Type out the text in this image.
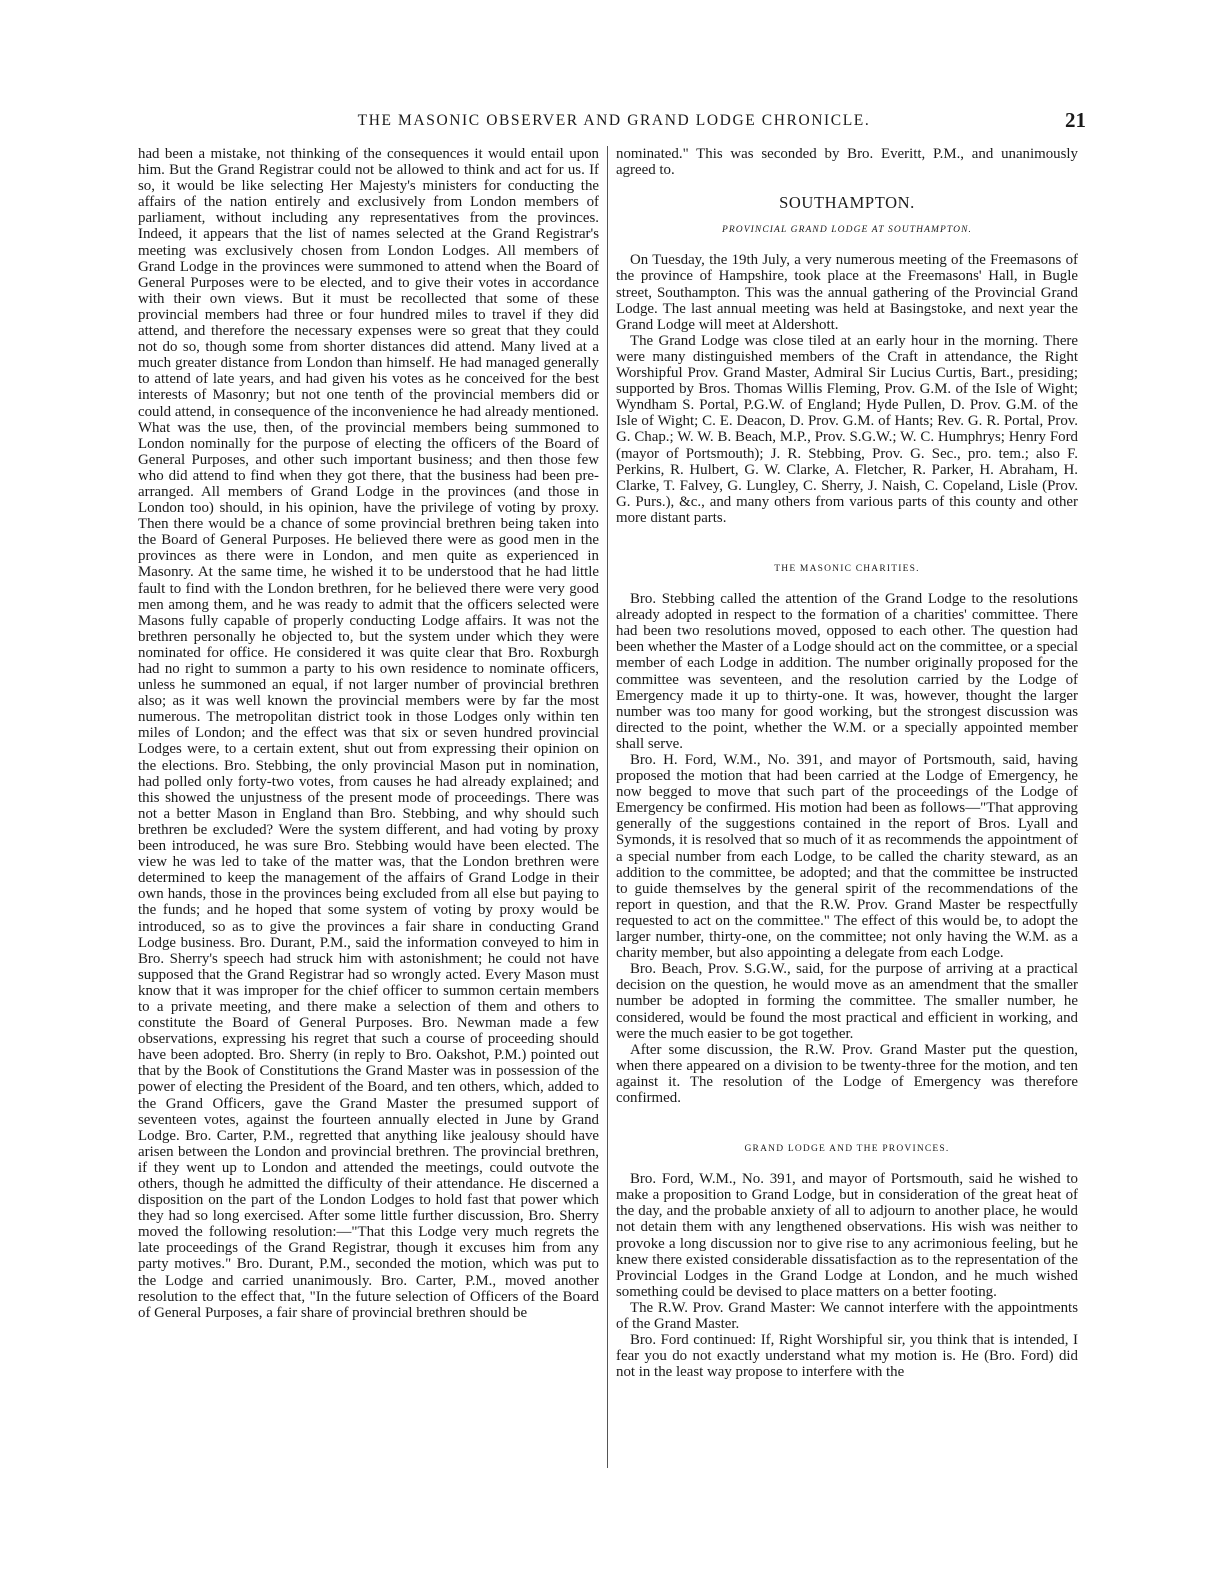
THE MASONIC OBSERVER AND GRAND LODGE CHRONICLE.	21

had been a mistake, not thinking of the consequences it would entail upon him. But the Grand Registrar could not be allowed to think and act for us. If so, it would be like selecting Her Majesty's ministers for conducting the affairs of the nation entirely and exclusively from London members of parliament, without including any representatives from the provinces. Indeed, it appears that the list of names selected at the Grand Registrar's meeting was exclusively chosen from London Lodges. All members of Grand Lodge in the provinces were summoned to attend when the Board of General Purposes were to be elected, and to give their votes in accordance with their own views. But it must be recollected that some of these provincial members had three or four hundred miles to travel if they did attend, and therefore the necessary expenses were so great that they could not do so, though some from shorter distances did attend. Many lived at a much greater distance from London than himself. He had managed generally to attend of late years, and had given his votes as he conceived for the best interests of Masonry; but not one tenth of the provincial members did or could attend, in consequence of the inconvenience he had already mentioned. What was the use, then, of the provincial members being summoned to London nominally for the purpose of electing the officers of the Board of General Purposes, and other such important business; and then those few who did attend to find when they got there, that the business had been pre-arranged. All members of Grand Lodge in the provinces (and those in London too) should, in his opinion, have the privilege of voting by proxy. Then there would be a chance of some provincial brethren being taken into the Board of General Purposes. He believed there were as good men in the provinces as there were in London, and men quite as experienced in Masonry. At the same time, he wished it to be understood that he had little fault to find with the London brethren, for he believed there were very good men among them, and he was ready to admit that the officers selected were Masons fully capable of properly conducting Lodge affairs. It was not the brethren personally he objected to, but the system under which they were nominated for office. He considered it was quite clear that Bro. Roxburgh had no right to summon a party to his own residence to nominate officers, unless he summoned an equal, if not larger number of provincial brethren also; as it was well known the provincial members were by far the most numerous. The metropolitan district took in those Lodges only within ten miles of London; and the effect was that six or seven hundred provincial Lodges were, to a certain extent, shut out from expressing their opinion on the elections. Bro. Stebbing, the only provincial Mason put in nomination, had polled only forty-two votes, from causes he had already explained; and this showed the unjustness of the present mode of proceedings. There was not a better Mason in England than Bro. Stebbing, and why should such brethren be excluded? Were the system different, and had voting by proxy been introduced, he was sure Bro. Stebbing would have been elected. The view he was led to take of the matter was, that the London brethren were determined to keep the management of the affairs of Grand Lodge in their own hands, those in the provinces being excluded from all else but paying to the funds; and he hoped that some system of voting by proxy would be introduced, so as to give the provinces a fair share in conducting Grand Lodge business. Bro. Durant, P.M., said the information conveyed to him in Bro. Sherry's speech had struck him with astonishment; he could not have supposed that the Grand Registrar had so wrongly acted. Every Mason must know that it was improper for the chief officer to summon certain members to a private meeting, and there make a selection of them and others to constitute the Board of General Purposes. Bro. Newman made a few observations, expressing his regret that such a course of proceeding should have been adopted. Bro. Sherry (in reply to Bro. Oakshot, P.M.) pointed out that by the Book of Constitutions the Grand Master was in possession of the power of electing the President of the Board, and ten others, which, added to the Grand Officers, gave the Grand Master the presumed support of seventeen votes, against the fourteen annually elected in June by Grand Lodge. Bro. Carter, P.M., regretted that anything like jealousy should have arisen between the London and provincial brethren. The provincial brethren, if they went up to London and attended the meetings, could outvote the others, though he admitted the difficulty of their attendance. He discerned a disposition on the part of the London Lodges to hold fast that power which they had so long exercised. After some little further discussion, Bro. Sherry moved the following resolution:—"That this Lodge very much regrets the late proceedings of the Grand Registrar, though it excuses him from any party motives." Bro. Durant, P.M., seconded the motion, which was put to the Lodge and carried unanimously. Bro. Carter, P.M., moved another resolution to the effect that, "In the future selection of Officers of the Board of General Purposes, a fair share of provincial brethren should be

nominated." This was seconded by Bro. Everitt, P.M., and unanimously agreed to.

SOUTHAMPTON.
PROVINCIAL GRAND LODGE AT SOUTHAMPTON.

On Tuesday, the 19th July, a very numerous meeting of the Freemasons of the province of Hampshire, took place at the Freemasons' Hall, in Bugle street, Southampton. This was the annual gathering of the Provincial Grand Lodge. The last annual meeting was held at Basingstoke, and next year the Grand Lodge will meet at Aldershott.

The Grand Lodge was close tiled at an early hour in the morning. There were many distinguished members of the Craft in attendance, the Right Worshipful Prov. Grand Master, Admiral Sir Lucius Curtis, Bart., presiding; supported by Bros. Thomas Willis Fleming, Prov. G.M. of the Isle of Wight; Wyndham S. Portal, P.G.W. of England; Hyde Pullen, D. Prov. G.M. of the Isle of Wight; C. E. Deacon, D. Prov. G.M. of Hants; Rev. G. R. Portal, Prov. G. Chap.; W. W. B. Beach, M.P., Prov. S.G.W.; W. C. Humphrys; Henry Ford (mayor of Portsmouth); J. R. Stebbing, Prov. G. Sec., pro. tem.; also F. Perkins, R. Hulbert, G. W. Clarke, A. Fletcher, R. Parker, H. Abraham, H. Clarke, T. Falvey, G. Lungley, C. Sherry, J. Naish, C. Copeland, Lisle (Prov. G. Purs.), &c., and many others from various parts of this county and other more distant parts.

THE MASONIC CHARITIES.

Bro. Stebbing called the attention of the Grand Lodge to the resolutions already adopted in respect to the formation of a charities' committee. There had been two resolutions moved, opposed to each other. The question had been whether the Master of a Lodge should act on the committee, or a special member of each Lodge in addition. The number originally proposed for the committee was seventeen, and the resolution carried by the Lodge of Emergency made it up to thirty-one. It was, however, thought the larger number was too many for good working, but the strongest discussion was directed to the point, whether the W.M. or a specially appointed member shall serve.

Bro. H. Ford, W.M., No. 391, and mayor of Portsmouth, said, having proposed the motion that had been carried at the Lodge of Emergency, he now begged to move that such part of the proceedings of the Lodge of Emergency be confirmed. His motion had been as follows—"That approving generally of the suggestions contained in the report of Bros. Lyall and Symonds, it is resolved that so much of it as recommends the appointment of a special number from each Lodge, to be called the charity steward, as an addition to the committee, be adopted; and that the committee be instructed to guide themselves by the general spirit of the recommendations of the report in question, and that the R.W. Prov. Grand Master be respectfully requested to act on the committee." The effect of this would be, to adopt the larger number, thirty-one, on the committee; not only having the W.M. as a charity member, but also appointing a delegate from each Lodge.

Bro. Beach, Prov. S.G.W., said, for the purpose of arriving at a practical decision on the question, he would move as an amendment that the smaller number be adopted in forming the committee. The smaller number, he considered, would be found the most practical and efficient in working, and were the much easier to be got together.

After some discussion, the R.W. Prov. Grand Master put the question, when there appeared on a division to be twenty-three for the motion, and ten against it. The resolution of the Lodge of Emergency was therefore confirmed.

GRAND LODGE AND THE PROVINCES.

Bro. Ford, W.M., No. 391, and mayor of Portsmouth, said he wished to make a proposition to Grand Lodge, but in consideration of the great heat of the day, and the probable anxiety of all to adjourn to another place, he would not detain them with any lengthened observations. His wish was neither to provoke a long discussion nor to give rise to any acrimonious feeling, but he knew there existed considerable dissatisfaction as to the representation of the Provincial Lodges in the Grand Lodge at London, and he much wished something could be devised to place matters on a better footing.

The R.W. Prov. Grand Master: We cannot interfere with the appointments of the Grand Master.

Bro. Ford continued: If, Right Worshipful sir, you think that is intended, I fear you do not exactly understand what my motion is. He (Bro. Ford) did not in the least way propose to interfere with the
